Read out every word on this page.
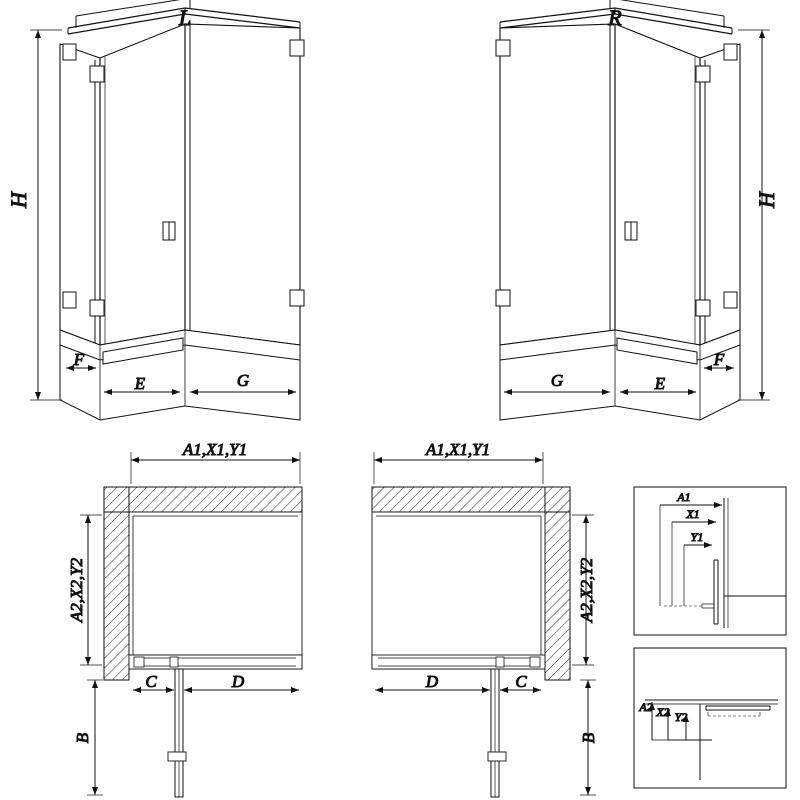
H
F
E	G
L
H
F
E
G
R
A1,X1,Y1
A2,X2,Y2
C	D
B
A1,X1,Y1
A2,X2,Y2
D	C
B
A1
X1
Y1
A2 X2 Y2
